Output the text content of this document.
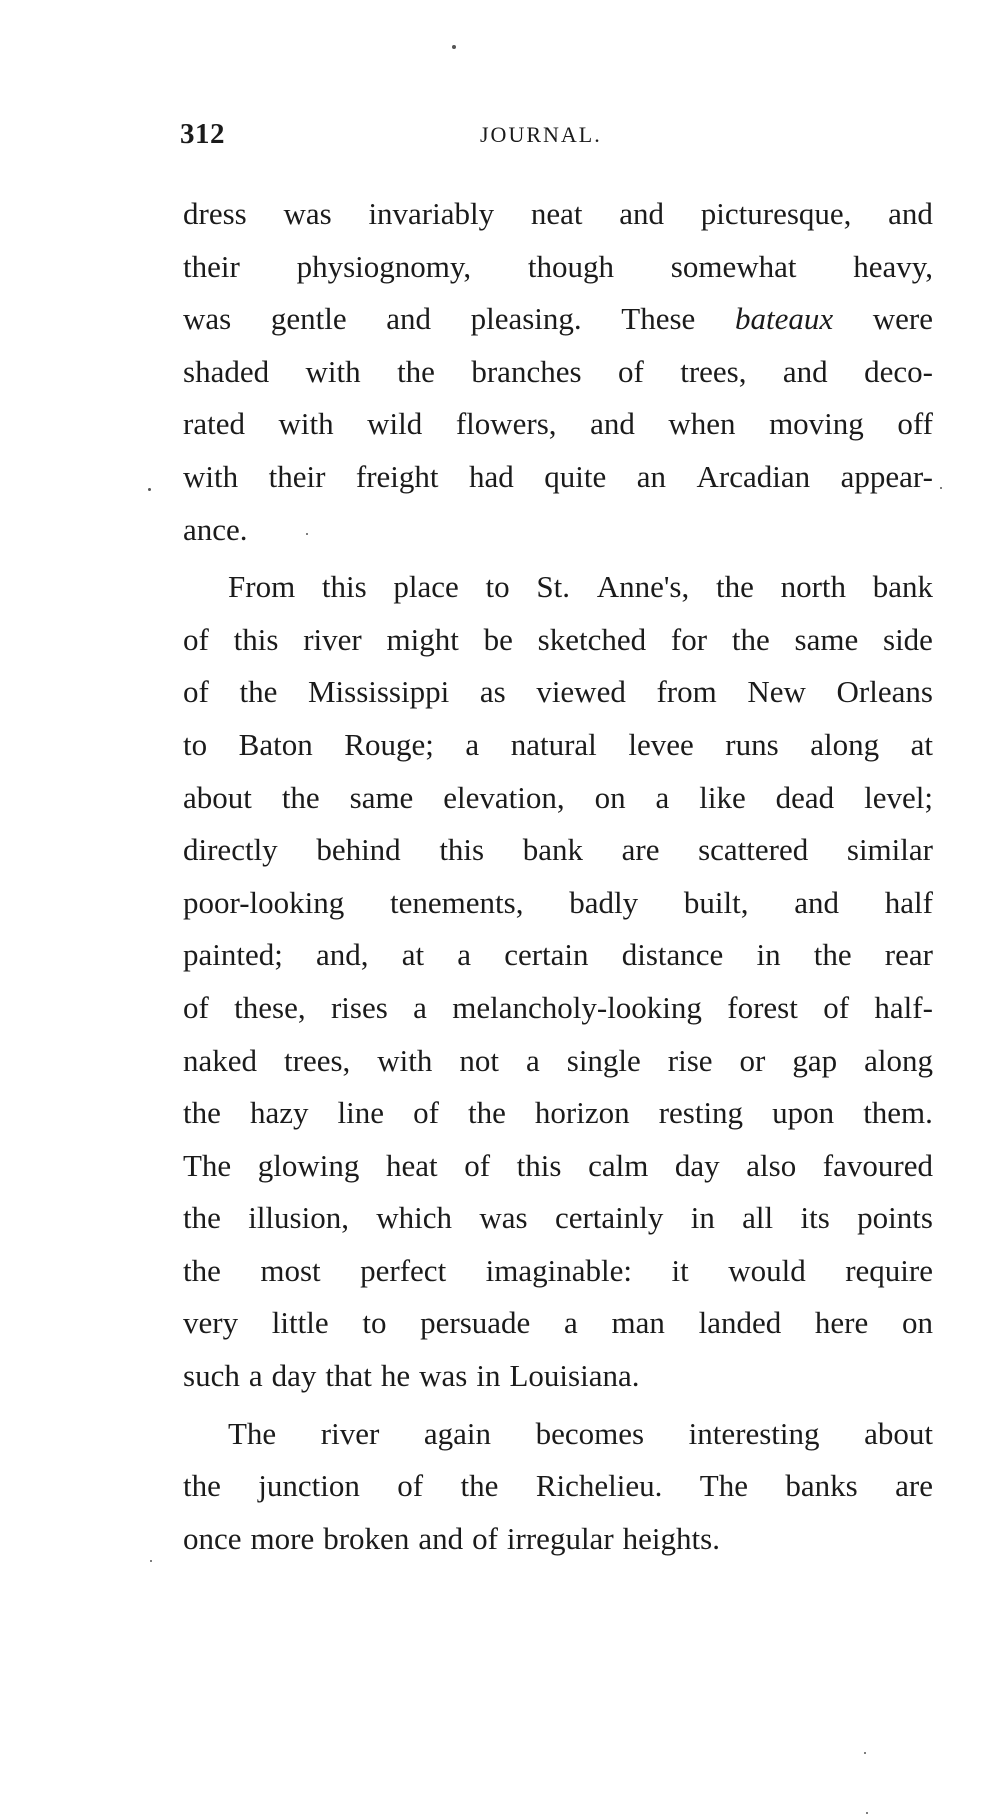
312	JOURNAL.
dress was invariably neat and picturesque, and
their physiognomy, though somewhat heavy,
was gentle and pleasing. These bateaux were
shaded with the branches of trees, and deco-
rated with wild flowers, and when moving off
with their freight had quite an Arcadian appear-
ance.
From this place to St. Anne's, the north bank
of this river might be sketched for the same side
of the Mississippi as viewed from New Orleans
to Baton Rouge; a natural levee runs along at
about the same elevation, on a like dead level;
directly behind this bank are scattered similar
poor-looking tenements, badly built, and half
painted; and, at a certain distance in the rear
of these, rises a melancholy-looking forest of half-
naked trees, with not a single rise or gap along
the hazy line of the horizon resting upon them.
The glowing heat of this calm day also favoured
the illusion, which was certainly in all its points
the most perfect imaginable: it would require
very little to persuade a man landed here on
such a day that he was in Louisiana.
The river again becomes interesting about
the junction of the Richelieu. The banks are
once more broken and of irregular heights.
